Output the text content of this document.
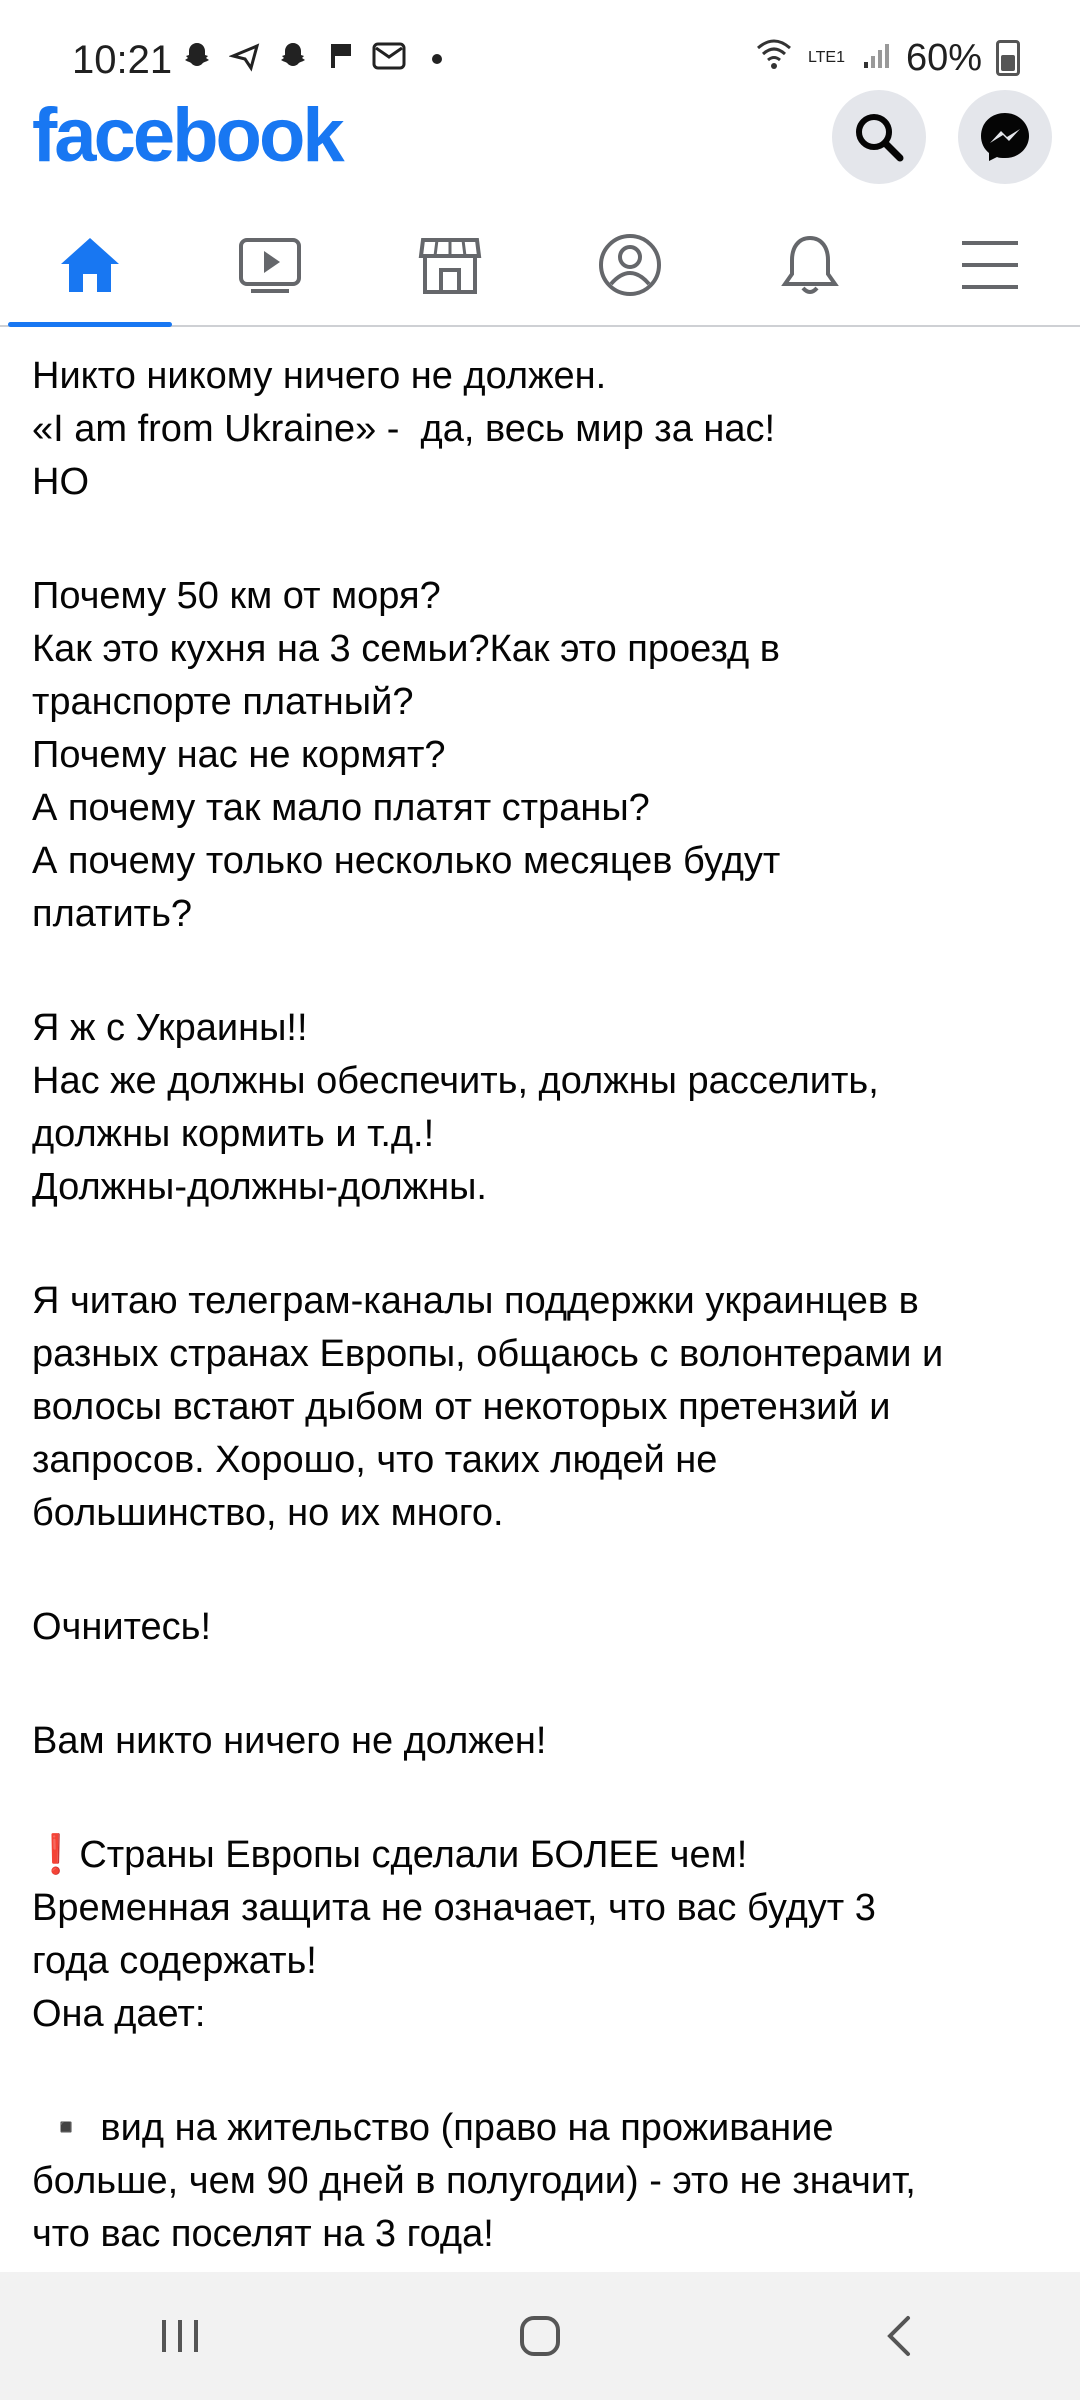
10:21	LTE1 60%
facebook
Никто никому ничего не должен.
«I am from Ukraine» -  да, весь мир за нас!
НО
Почему 50 км от моря?
Как это кухня на 3 семьи?Как это проезд в
транспорте платный?
Почему нас не кормят?
А почему так мало платят страны?
А почему только несколько месяцев будут
платить?
Я ж с Украины!!
Нас же должны обеспечить, должны расселить,
должны кормить и т.д.!
Должны-должны-должны.
Я читаю телеграм-каналы поддержки украинцев в
разных странах Европы, общаюсь с волонтерами и
волосы встают дыбом от некоторых претензий и
запросов. Хорошо, что таких людей не
большинство, но их много.
Очнитесь!
Вам никто ничего не должен!
❗Страны Европы сделали БОЛЕЕ чем!
Временная защита не означает, что вас будут 3
года содержать!
Она дает:
▪️ вид на жительство (право на проживание
больше, чем 90 дней в полугодии) - это не значит,
что вас поселят на 3 года!
